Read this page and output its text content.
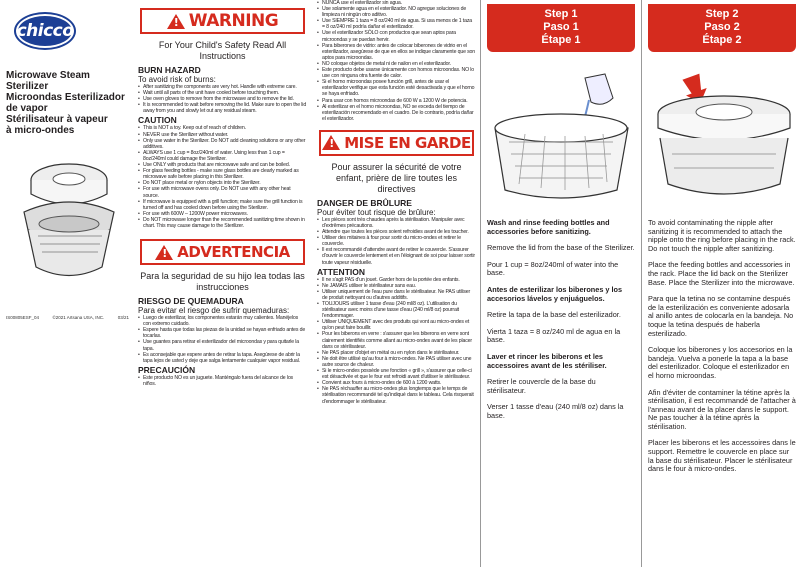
chicco
Microwave Steam
Sterilizer
Microondas Esterilizador
de vapor
Stérilisateur à vapeur
à micro-ondes
IS00805ESF_04	©2021 Artsana USA, INC.	03/21
!
WARNING
For Your Child's Safety Read All Instructions
BURN HAZARD
To avoid risk of burns:
• After sanitizing the components are very hot. Handle with extreme care.
• Wait until all parts of the unit have cooled before touching them.
• Use oven gloves to remove from the microwave and to remove the lid.
• It is recommended to wait before removing the lid. Make sure to open the lid away from you and slowly let out any residual steam.
CAUTION
• This is NOT a toy. Keep out of reach of children.
• NEVER use the Sterilizer without water.
• Only use water in the Sterilizer. Do NOT add cleaning solutions or any other additives.
• ALWAYS use 1 cup = 8oz/240ml of water. Using less than 1 cup = 8oz/240ml could damage the Sterilizer.
• Use ONLY with products that are microwave safe and can be boiled.
• For glass feeding bottles - make sure glass bottles are clearly marked as microwave safe before placing in this Sterilizer.
• Do NOT place metal or nylon objects into the Sterilizer.
• For use with microwave ovens only. Do NOT use with any other heat source.
• If microwave is equipped with a grill function; make sure the grill function is turned off and has cooled down before using the Sterilizer.
• For use with 600W – 1200W power microwaves.
• Do NOT microwave longer than the recommended sanitizing time shown in chart. This may cause damage to the Sterilizer.
!
ADVERTENCIA
Para la seguridad de su hijo lea todas las instrucciones
RIESGO DE QUEMADURA
Para evitar el riesgo de sufrir quemaduras:
• Luego de esterilizar, los componentes estarán muy calientes. Manéjelos con extremo cuidado.
• Espere hasta que todas las piezas de la unidad se hayan enfriado antes de tocarlas.
• Use guantes para retirar el esterilizador del microondas y para quitarle la tapa.
• Es aconsejable que espere antes de retirar la tapa. Asegúrese de abrir la tapa lejos de usted y deje que salga lentamente cualquier vapor residual.
PRECAUCIÓN
• Este producto NO es un juguete. Manténgalo fuera del alcance de los niños.
• NUNCA use el esterilizador sin agua.
• Use solamente agua en el esterilizador. NO agregue soluciones de limpieza ni ningún otro aditivo.
• Use SIEMPRE 1 taza = 8 oz/240 ml de agua. Si usa menos de 1 taza = 8 oz/240 ml podría dañar el esterilizador.
• Use el esterilizador SÓLO con productos que sean aptos para microondas y se puedan hervir.
• Para biberones de vidrio: antes de colocar biberones de vidrio en el esterilizador, asegúrese de que en ellos se indique claramente que son aptos para microondas.
• NO coloque objetos de metal ni de nailon en el esterilizador.
• Este producto debe usarse únicamente con hornos microondas. NO lo use con ninguna otra fuente de calor.
• Si el horno microondas posee función grill, antes de usar el esterilizador verifique que esta función esté desactivada y que el horno se haya enfriado.
• Para usar con hornos microondas de 600 W a 1200 W de potencia.
• Al esterilizar en el horno microondas, NO se exceda del tiempo de esterilización recomendado en el cuadro. De lo contrario, podría dañar el esterilizador.
!
MISE EN GARDE
Pour assurer la sécurité de votre enfant, prière de lire toutes les directives
DANGER DE BRÛLURE
Pour éviter tout risque de brûlure:
• Les pièces sont très chaudes après la stérilisation. Manipuler avec d'extrêmes précautions.
• Attendre que toutes les pièces soient refroidies avant de les toucher.
• Utiliser des mitaines à four pour sortir du micro-ondes et retirer le couvercle.
• Il est recommandé d'attendre avant de retirer le couvercle. S'assurer d'ouvrir le couvercle lentement et en l'éloignant de soi pour laisser sortir toute vapeur résiduelle.
ATTENTION
• Il ne s'agit PAS d'un jouet. Garder hors de la portée des enfants.
• Ne JAMAIS utiliser le stérilisateur sans eau.
• Utiliser uniquement de l'eau pure dans le stérilisateur. Ne PAS utiliser de produit nettoyant ou d'autres additifs.
• TOUJOURS utiliser 1 tasse d'eau (240 ml/8 oz). L'utilisation du stérilisateur avec moins d'une tasse d'eau (240 ml/8 oz) pourrait l'endommager.
• Utiliser UNIQUEMENT avec des produits qui vont au micro-ondes et qu'on peut faire bouillir.
• Pour les biberons en verre : s'assurer que les biberons en verre sont clairement identifiés comme allant au micro-ondes avant de les placer dans ce stérilisateur.
• Ne PAS placer d'objet en métal ou en nylon dans le stérilisateur.
• Ne doit être utilisé qu'au four à micro-ondes. Ne PAS utiliser avec une autre source de chaleur.
• Si le micro-ondes possède une fonction « grill », s'assurer que celle-ci est désactivée et que le four est refroidi avant d'utiliser le stérilisateur.
• Convient aux fours à micro-ondes de 600 à 1200 watts.
• Ne PAS réchauffer au micro-ondes plus longtemps que le temps de stérilisation recommandé tel qu'indiqué dans le tableau. Cela risquerait d'endommager le stérilisateur.
Step 1
Paso 1
Étape 1

Wash and rinse feeding bottles and accessories before sanitizing.

Remove the lid from the base of the Sterilizer.

Pour 1 cup = 8oz/240ml of water into the base.

Antes de esterilizar los biberones y los accesorios lávelos y enjuáguelos.

Retire la tapa de la base del esterilizador.

Vierta 1 taza = 8 oz/240 ml de agua en la base.

Laver et rincer les biberons et les accessoires avant de les stériliser.

Retirer le couvercle de la base du stérilisateur.

Verser 1 tasse d'eau (240 ml/8 oz) dans la base.

Step 2
Paso 2
Étape 2

To avoid contaminating the nipple after sanitizing it is recommended to attach the nipple onto the ring before placing in the rack. Do not touch the nipple after sanitizing.

Place the feeding bottles and accessories in the rack. Place the lid back on the Sterilizer Base. Place the Sterilizer into the microwave.

Para que la tetina no se contamine después de la esterilización es conveniente adosarla al anillo antes de colocarla en la bandeja. No toque la tetina después de haberla esterilizado.

Coloque los biberones y los accesorios en la bandeja. Vuelva a ponerle la tapa a la base del esterilizador. Coloque el esterilizador en el horno microondas.

Afin d'éviter de contaminer la tétine après la stérilisation, il est recommandé de l'attacher à l'anneau avant de la placer dans le support. Ne pas toucher à la tétine après la stérilisation.

Placer les biberons et les accessoires dans le support. Remettre le couvercle en place sur la base du stérilisateur. Placer le stérilisateur dans le four à micro-ondes.
